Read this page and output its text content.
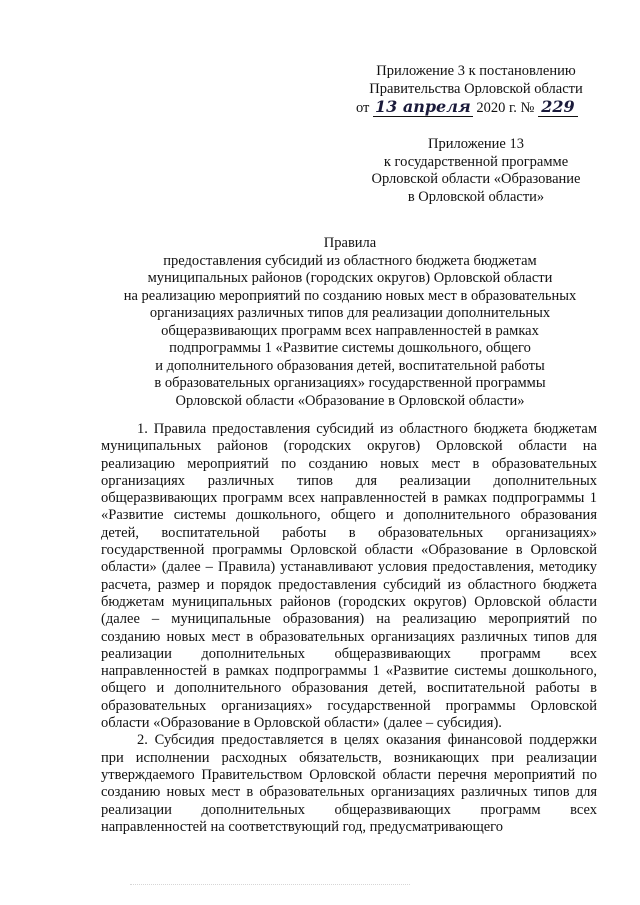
Приложение 3 к постановлению
Правительства Орловской области
от 13 апреля 2020 г. № 229
Приложение 13
к государственной программе
Орловской области «Образование
в Орловской области»
Правила
предоставления субсидий из областного бюджета бюджетам
муниципальных районов (городских округов) Орловской области
на реализацию мероприятий по созданию новых мест в образовательных
организациях различных типов для реализации дополнительных
общеразвивающих программ всех направленностей в рамках
подпрограммы 1 «Развитие системы дошкольного, общего
и дополнительного образования детей, воспитательной работы
в образовательных организациях» государственной программы
Орловской области «Образование в Орловской области»

1. Правила предоставления субсидий из областного бюджета бюджетам муниципальных районов (городских округов) Орловской области на реализацию мероприятий по созданию новых мест в образовательных организациях различных типов для реализации дополнительных общеразвивающих программ всех направленностей в рамках подпрограммы 1 «Развитие системы дошкольного, общего и дополнительного образования детей, воспитательной работы в образовательных организациях» государственной программы Орловской области «Образование в Орловской области» (далее – Правила) устанавливают условия предоставления, методику расчета, размер и порядок предоставления субсидий из областного бюджета бюджетам муниципальных районов (городских округов) Орловской области (далее – муниципальные образования) на реализацию мероприятий по созданию новых мест в образовательных организациях различных типов для реализации дополнительных общеразвивающих программ всех направленностей в рамках подпрограммы 1 «Развитие системы дошкольного, общего и дополнительного образования детей, воспитательной работы в образовательных организациях» государственной программы Орловской области «Образование в Орловской области» (далее – субсидия).

2. Субсидия предоставляется в целях оказания финансовой поддержки при исполнении расходных обязательств, возникающих при реализации утверждаемого Правительством Орловской области перечня мероприятий по созданию новых мест в образовательных организациях различных типов для реализации дополнительных общеразвивающих программ всех направленностей на соответствующий год, предусматривающего
